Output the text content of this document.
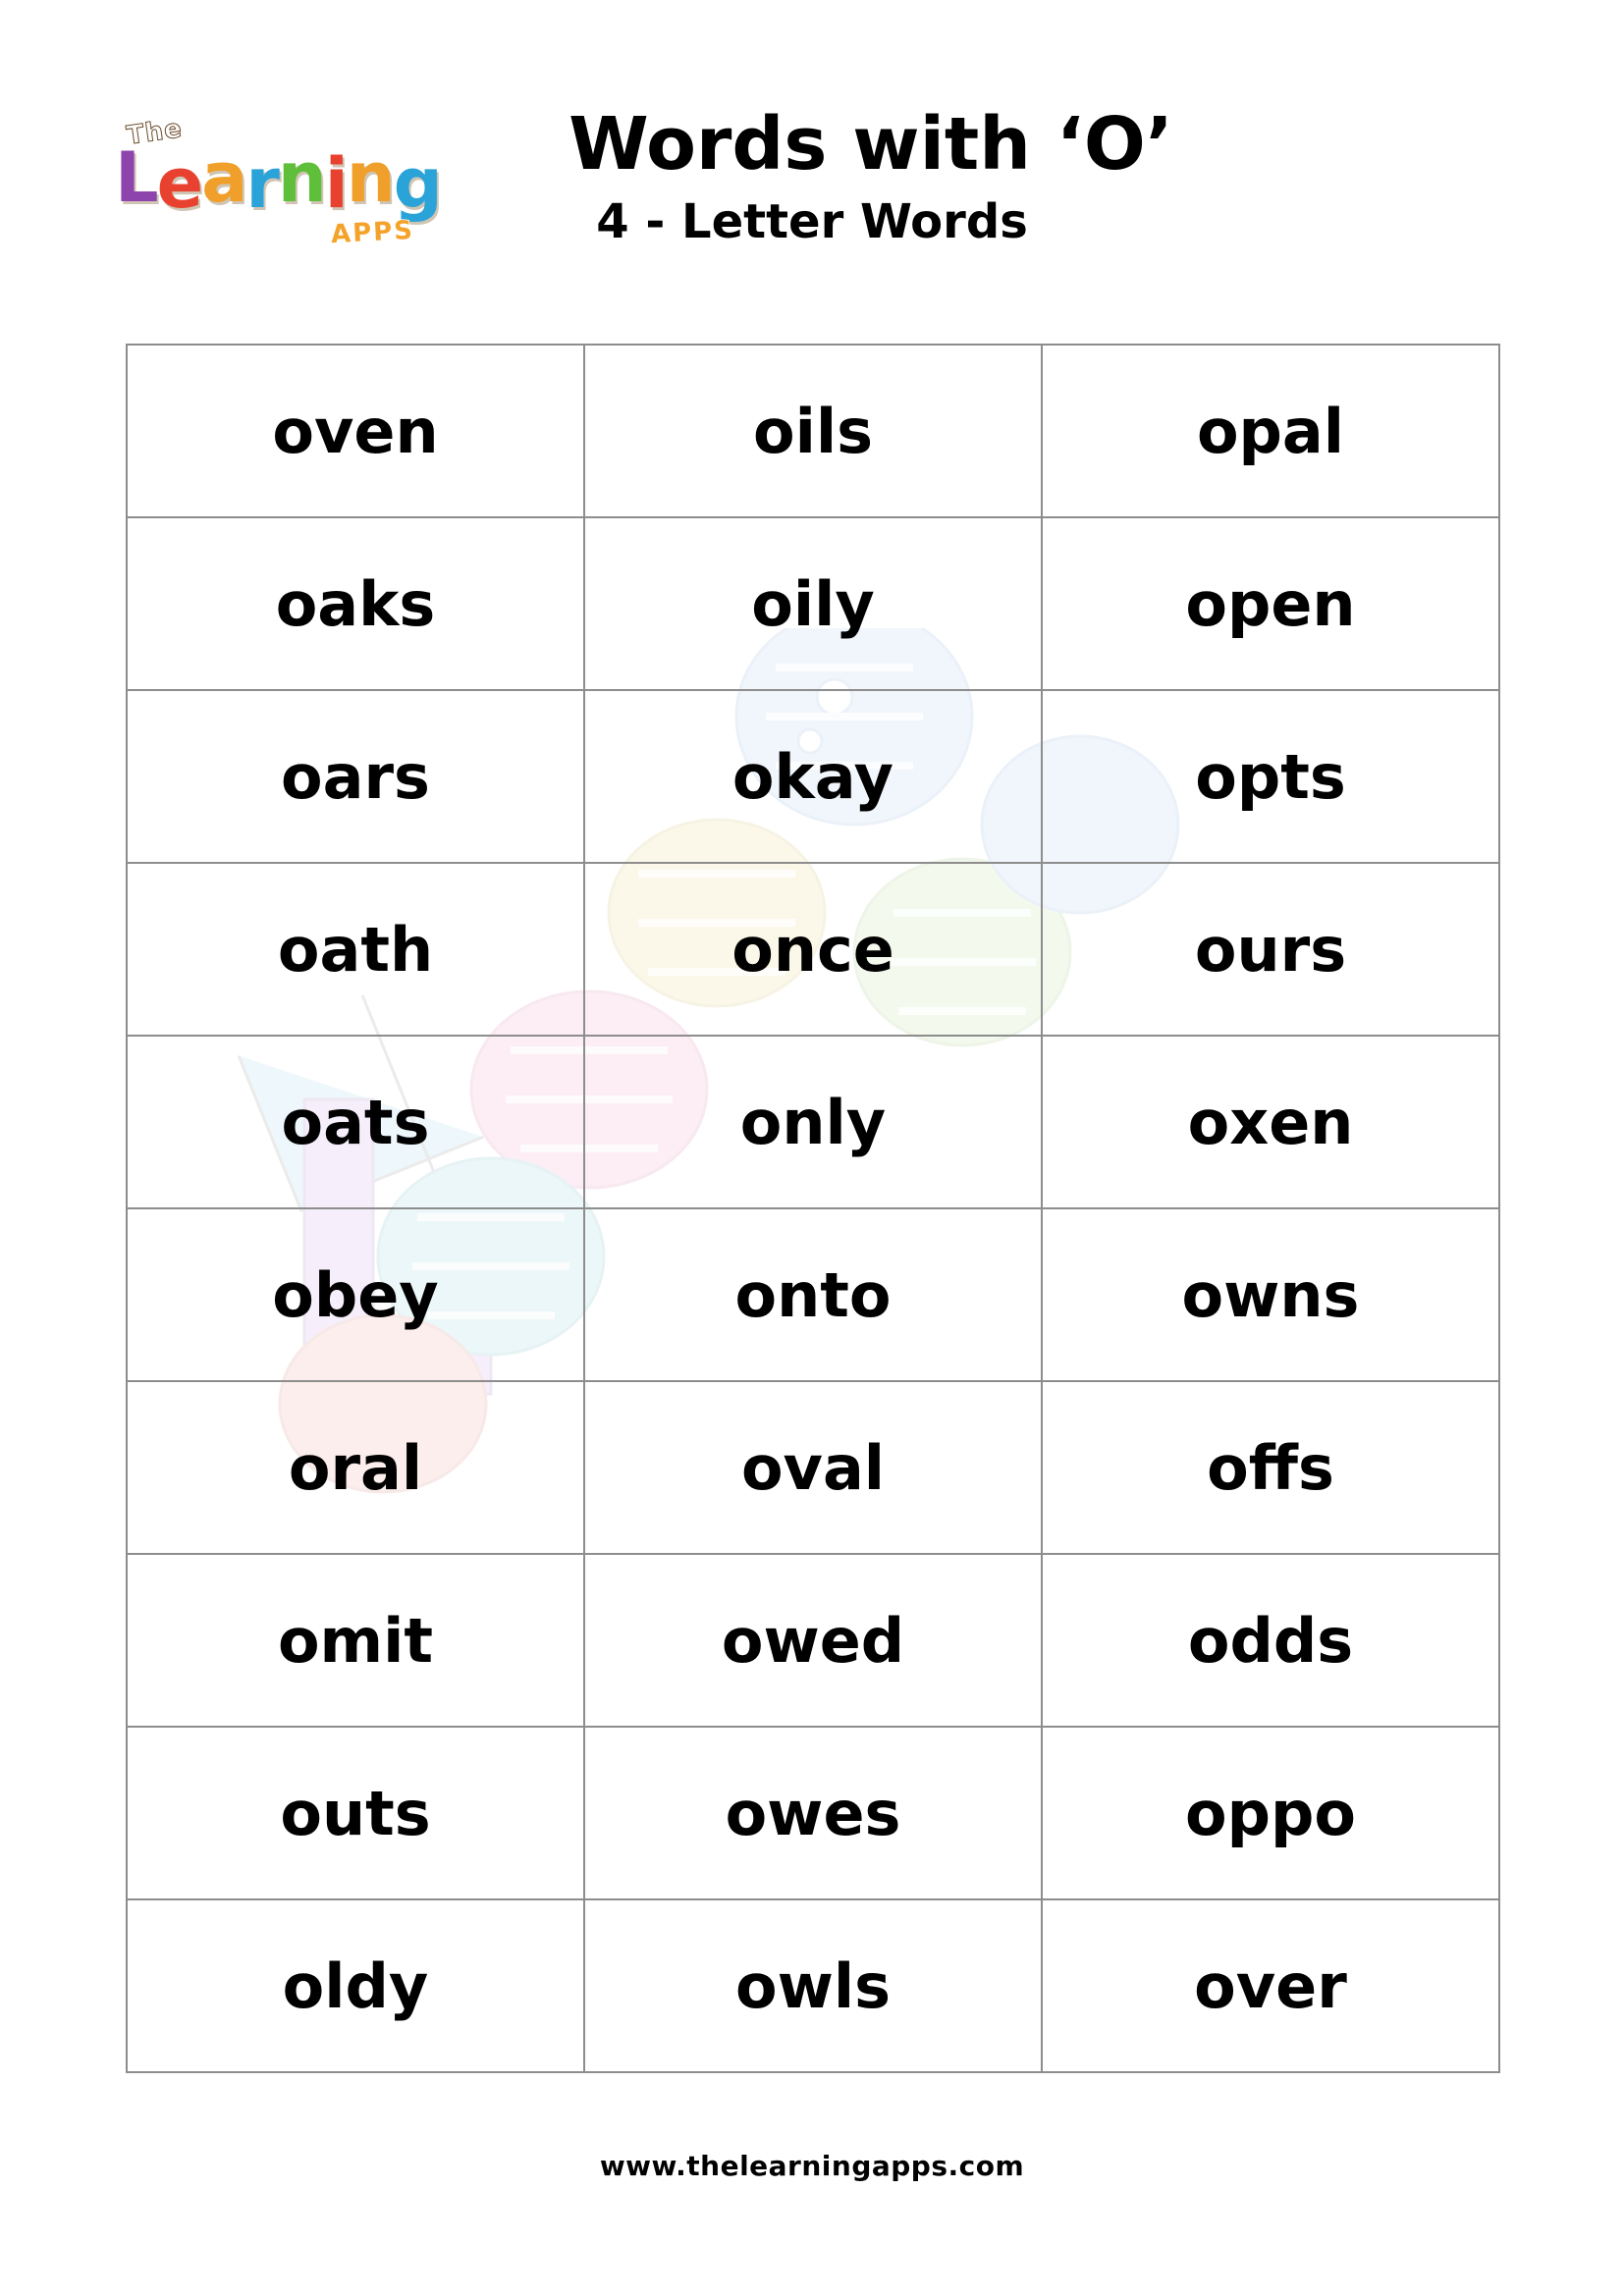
The
Learning
APPS
Words with ‘O’
4 - Letter Words
oven	oils	opal
oaks	oily	open
oars	okay	opts
oath	once	ours
oats	only	oxen
obey	onto	owns
oral	oval	offs
omit	owed	odds
outs	owes	oppo
oldy	owls	over
www.thelearningapps.com
